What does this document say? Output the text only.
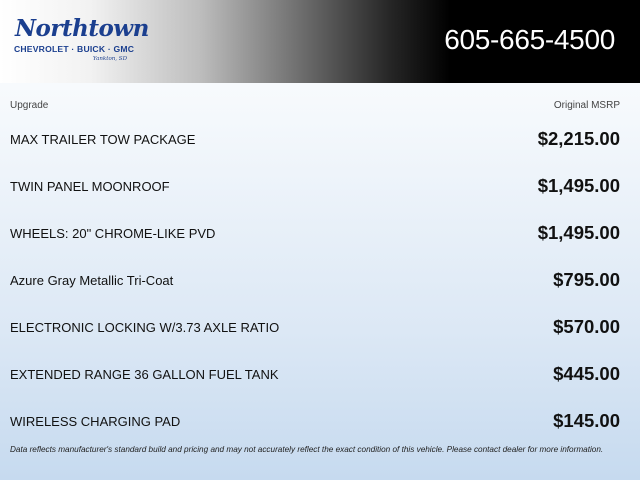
Northtown
CHEVROLET · BUICK · GMC
Yankton, SD
605-665-4500
Upgrade	Original MSRP
MAX TRAILER TOW PACKAGE	$2,215.00
TWIN PANEL MOONROOF	$1,495.00
WHEELS: 20" CHROME-LIKE PVD	$1,495.00
Azure Gray Metallic Tri-Coat	$795.00
ELECTRONIC LOCKING W/3.73 AXLE RATIO	$570.00
EXTENDED RANGE 36 GALLON FUEL TANK	$445.00
WIRELESS CHARGING PAD	$145.00
Data reflects manufacturer's standard build and pricing and may not accurately reflect the exact condition of this vehicle. Please contact dealer for more information.
